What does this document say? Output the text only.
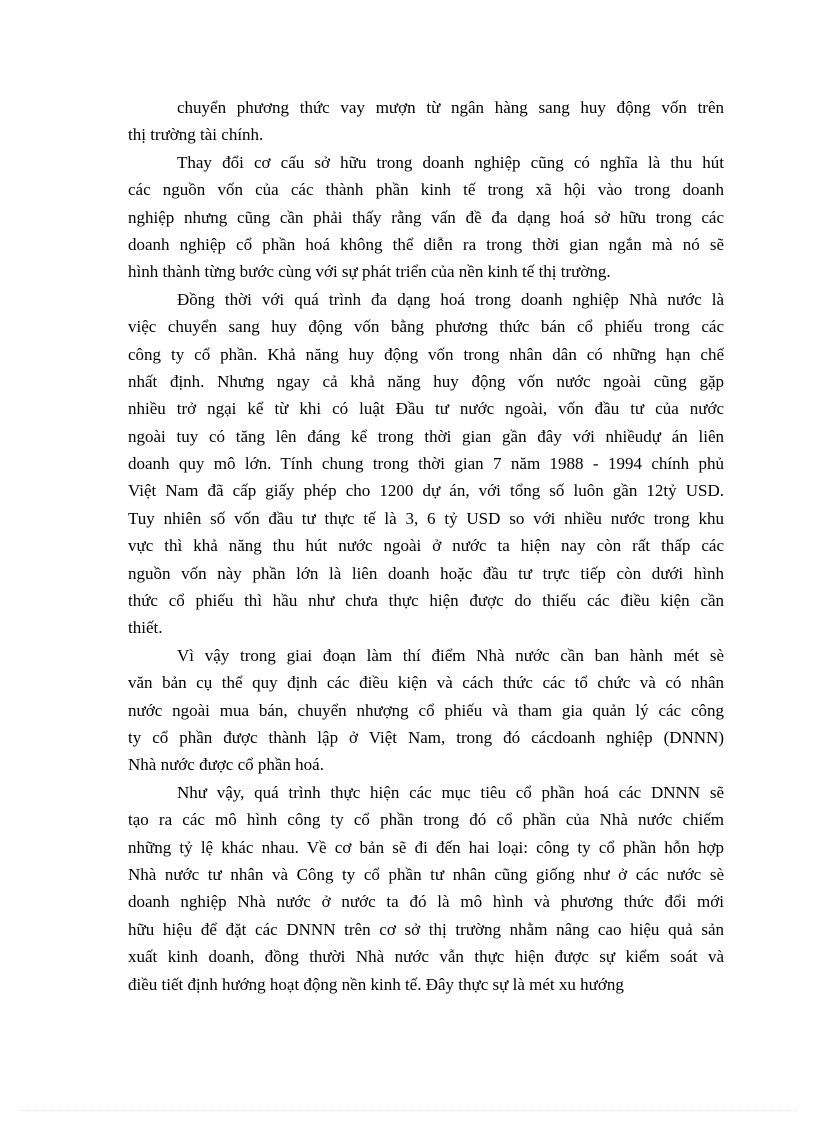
chuyển phương thức vay mượn từ ngân hàng sang huy động vốn trên
thị trường tài chính.
Thay đổi cơ cấu sở hữu trong doanh nghiệp cũng có nghĩa là thu hút
các nguồn vốn của các thành phần kinh tế trong xã hội vào trong doanh
nghiệp nhưng cũng cần phải thấy rằng vấn đề đa dạng hoá sở hữu trong các
doanh nghiệp cổ phần hoá không thể diễn ra trong thời gian ngắn mà nó sẽ
hình thành từng bước cùng với sự phát triển của nền kinh tế thị trường.
Đồng thời với quá trình đa dạng hoá trong doanh nghiệp Nhà nước là
việc chuyển sang huy động vốn bằng phương thức bán cổ phiếu trong các
công ty cổ phần. Khả năng huy động vốn trong nhân dân có những hạn chế
nhất định. Nhưng ngay cả khả năng huy động vốn nước ngoài cũng gặp
nhiều trở ngại kể từ khi có luật Đầu tư nước ngoài, vốn đầu tư của nước
ngoài tuy có tăng lên đáng kể trong thời gian gần đây với nhiềudự án liên
doanh quy mô lớn. Tính chung trong thời gian 7 năm 1988 - 1994 chính phủ
Việt Nam đã cấp giấy phép cho 1200 dự án, với tổng số luôn gần 12tỷ USD.
Tuy nhiên số vốn đầu tư thực tế là 3, 6 tỷ USD so với nhiều nước trong khu
vực thì khả năng thu hút nước ngoài ở nước ta hiện nay còn rất thấp các
nguồn vốn này phần lớn là liên doanh hoặc đầu tư trực tiếp còn dưới hình
thức cổ phiếu thì hầu như chưa thực hiện được do thiếu các điều kiện cần
thiết.
Vì vậy trong giai đoạn làm thí điểm Nhà nước cần ban hành mét sè
văn bản cụ thể quy định các điều kiện và cách thức các tổ chức và có nhân
nước ngoài mua bán, chuyển nhượng cổ phiếu và tham gia quản lý các công
ty cổ phần được thành lập ở Việt Nam, trong đó cácdoanh nghiệp (DNNN)
Nhà nước được cổ phần hoá.
Như vậy, quá trình thực hiện các mục tiêu cổ phần hoá các DNNN sẽ
tạo ra các mô hình công ty cổ phần trong đó cổ phần của Nhà nước chiếm
những tỷ lệ khác nhau. Về cơ bản sẽ đi đến hai loại: công ty cổ phần hỗn hợp
Nhà nước tư nhân và Công ty cổ phần tư nhân cũng giống như ở các nước sè
doanh nghiệp Nhà nước ở nước ta đó là mô hình và phương thức đổi mới
hữu hiệu để đặt các DNNN trên cơ sở thị trường nhằm nâng cao hiệu quả sản
xuất kinh doanh, đồng thười Nhà nước vẫn thực hiện được sự kiểm soát và
điều tiết định hướng hoạt động nền kinh tế. Đây thực sự là mét xu hướng
